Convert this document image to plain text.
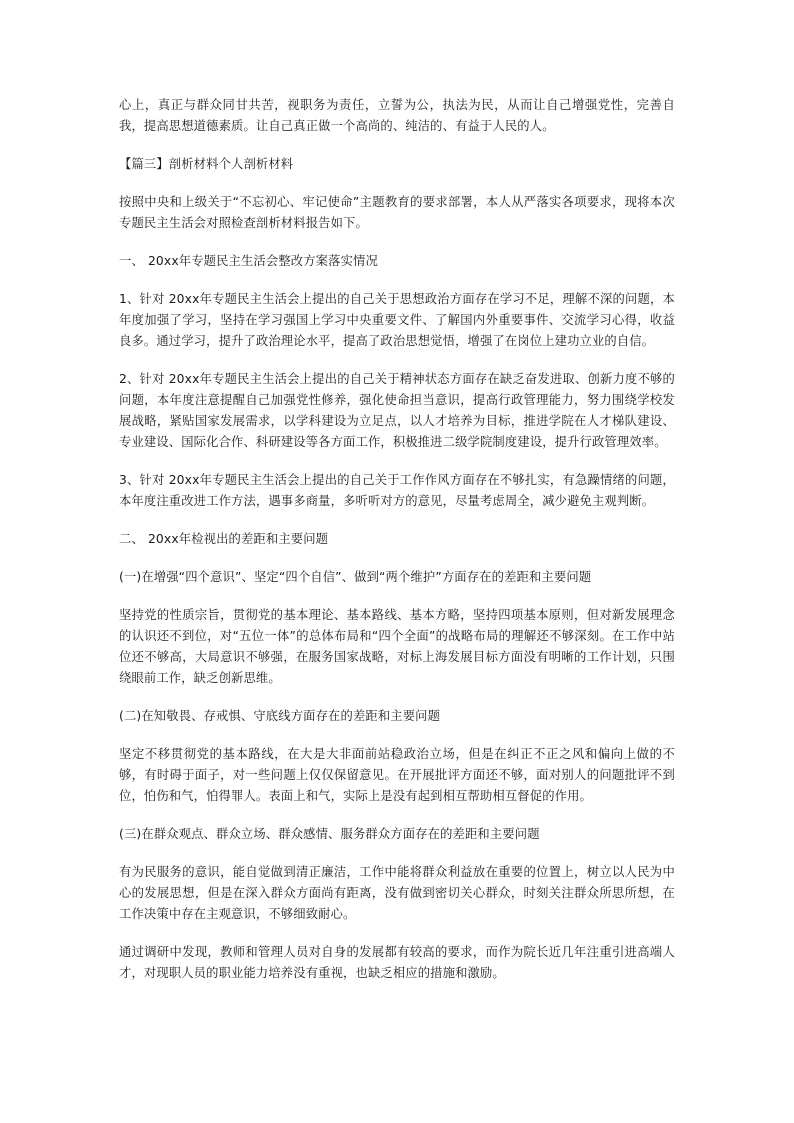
心上，真正与群众同甘共苦，视职务为责任，立誓为公，执法为民，从而让自己增强党性，完善自我，提高思想道德素质。让自己真正做一个高尚的、纯洁的、有益于人民的人。

【篇三】剖析材料个人剖析材料

按照中央和上级关于“不忘初心、牢记使命”主题教育的要求部署，本人从严落实各项要求，现将本次专题民主生活会对照检查剖析材料报告如下。

一、 20xx年专题民主生活会整改方案落实情况

1、针对 20xx年专题民主生活会上提出的自己关于思想政治方面存在学习不足，理解不深的问题，本年度加强了学习，坚持在学习强国上学习中央重要文件、了解国内外重要事件、交流学习心得，收益良多。通过学习，提升了政治理论水平，提高了政治思想觉悟，增强了在岗位上建功立业的自信。

2、针对 20xx年专题民主生活会上提出的自己关于精神状态方面存在缺乏奋发进取、创新力度不够的问题，本年度注意提醒自己加强党性修养，强化使命担当意识，提高行政管理能力，努力围绕学校发展战略，紧贴国家发展需求，以学科建设为立足点，以人才培养为目标，推进学院在人才梯队建设、专业建设、国际化合作、科研建设等各方面工作，积极推进二级学院制度建设，提升行政管理效率。

3、针对 20xx年专题民主生活会上提出的自己关于工作作风方面存在不够扎实，有急躁情绪的问题，本年度注重改进工作方法，遇事多商量，多听听对方的意见，尽量考虑周全，减少避免主观判断。

二、 20xx年检视出的差距和主要问题

(一)在增强“四个意识”、坚定“四个自信”、做到“两个维护”方面存在的差距和主要问题

坚持党的性质宗旨，贯彻党的基本理论、基本路线、基本方略，坚持四项基本原则，但对新发展理念的认识还不到位，对“五位一体”的总体布局和“四个全面”的战略布局的理解还不够深刻。在工作中站位还不够高，大局意识不够强，在服务国家战略，对标上海发展目标方面没有明晰的工作计划，只围绕眼前工作，缺乏创新思维。

(二)在知敬畏、存戒惧、守底线方面存在的差距和主要问题

坚定不移贯彻党的基本路线，在大是大非面前站稳政治立场，但是在纠正不正之风和偏向上做的不够，有时碍于面子，对一些问题上仅仅保留意见。在开展批评方面还不够，面对别人的问题批评不到位，怕伤和气，怕得罪人。表面上和气，实际上是没有起到相互帮助相互督促的作用。

(三)在群众观点、群众立场、群众感情、服务群众方面存在的差距和主要问题

有为民服务的意识，能自觉做到清正廉洁，工作中能将群众利益放在重要的位置上，树立以人民为中心的发展思想，但是在深入群众方面尚有距离，没有做到密切关心群众，时刻关注群众所思所想，在工作决策中存在主观意识，不够细致耐心。

通过调研中发现，教师和管理人员对自身的发展都有较高的要求，而作为院长近几年注重引进高端人才，对现职人员的职业能力培养没有重视，也缺乏相应的措施和激励。
